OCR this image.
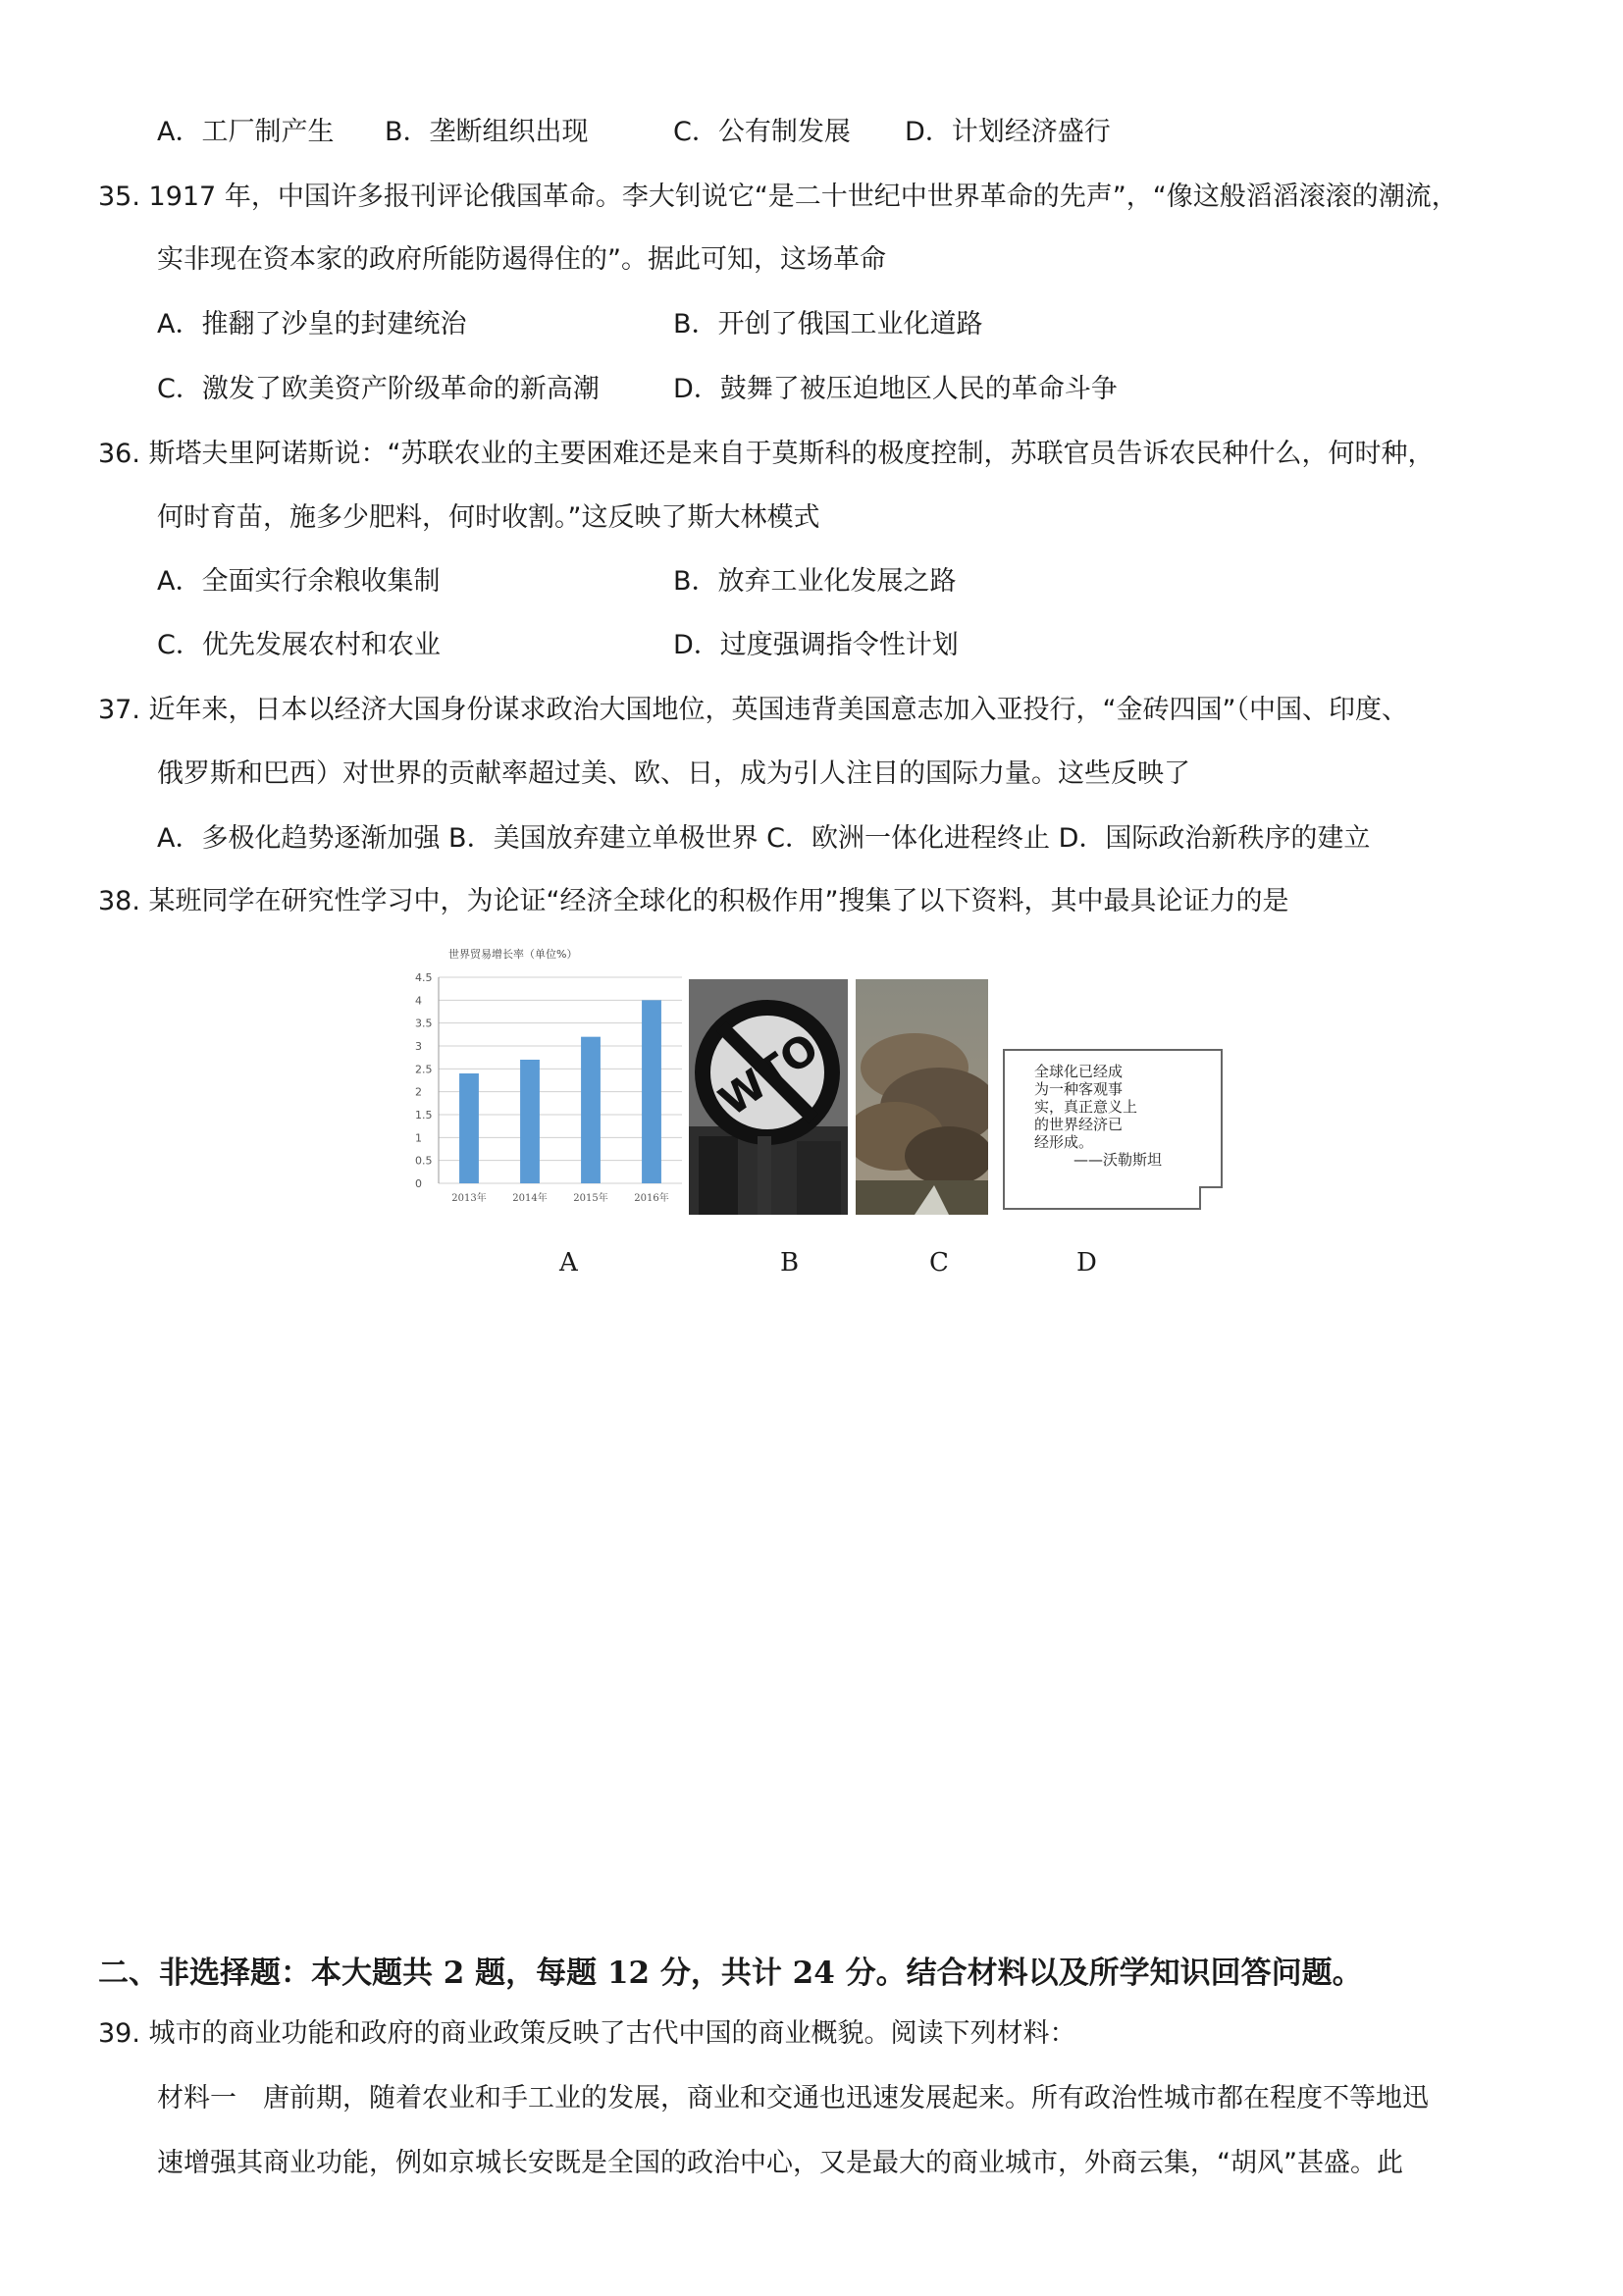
A．工厂制产生 B．垄断组织出现	C．公有制发展 D．计划经济盛行
35. 1917 年，中国许多报刊评论俄国革命。李大钊说它“是二十世纪中世界革命的先声”，“像这般滔滔滚滚的潮流，
实非现在资本家的政府所能防遏得住的”。据此可知，这场革命
A．推翻了沙皇的封建统治	B．开创了俄国工业化道路
C．激发了欧美资产阶级革命的新高潮	D．鼓舞了被压迫地区人民的革命斗争
36. 斯塔夫里阿诺斯说：“苏联农业的主要困难还是来自于莫斯科的极度控制，苏联官员告诉农民种什么，何时种，
何时育苗，施多少肥料，何时收割。”这反映了斯大林模式
A．全面实行余粮收集制	B．放弃工业化发展之路
C．优先发展农村和农业	D．过度强调指令性计划
37. 近年来，日本以经济大国身份谋求政治大国地位，英国违背美国意志加入亚投行，“金砖四国”（中国、印度、
俄罗斯和巴西）对世界的贡献率超过美、欧、日，成为引人注目的国际力量。这些反映了
A．多极化趋势逐渐加强 B．美国放弃建立单极世界 C．欧洲一体化进程终止 D．国际政治新秩序的建立
38. 某班同学在研究性学习中，为论证“经济全球化的积极作用”搜集了以下资料，其中最具论证力的是
世界贸易增长率（单位%）
4.5
4
3.5
3
2.5
2
1.5
1
0.5
0
2013年	2014年	2015年	2016年
全球化已经成
为一种客观事
实，真正意义上
的世界经济已
经形成。
——沃勒斯坦
A	B	C	D
二、非选择题：本大题共 2 题，每题 12 分，共计 24 分。结合材料以及所学知识回答问题。
39. 城市的商业功能和政府的商业政策反映了古代中国的商业概貌。阅读下列材料：
材料一　唐前期，随着农业和手工业的发展，商业和交通也迅速发展起来。所有政治性城市都在程度不等地迅
速增强其商业功能，例如京城长安既是全国的政治中心，又是最大的商业城市，外商云集，“胡风”甚盛。此
